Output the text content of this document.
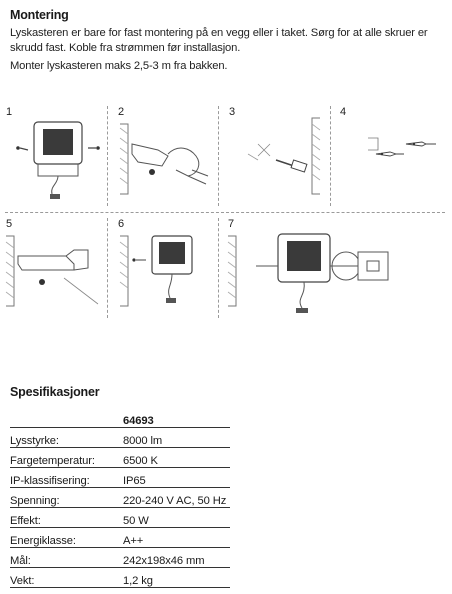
Montering
Lyskasteren er bare for fast montering på en vegg eller i taket. Sørg for at alle skruer er
skrudd fast. Koble fra strømmen før installasjon.
Monter lyskasteren maks 2,5-3 m fra bakken.
1	2	3	4
5	6	7
Spesifikasjoner
	64693
Lysstyrke:	8000 lm
Fargetemperatur:	6500 K
IP-klassifisering:	IP65
Spenning:	220-240 V AC, 50 Hz
Effekt:	50 W
Energiklasse:	A++
Mål:	242x198x46 mm
Vekt:	1,2 kg
